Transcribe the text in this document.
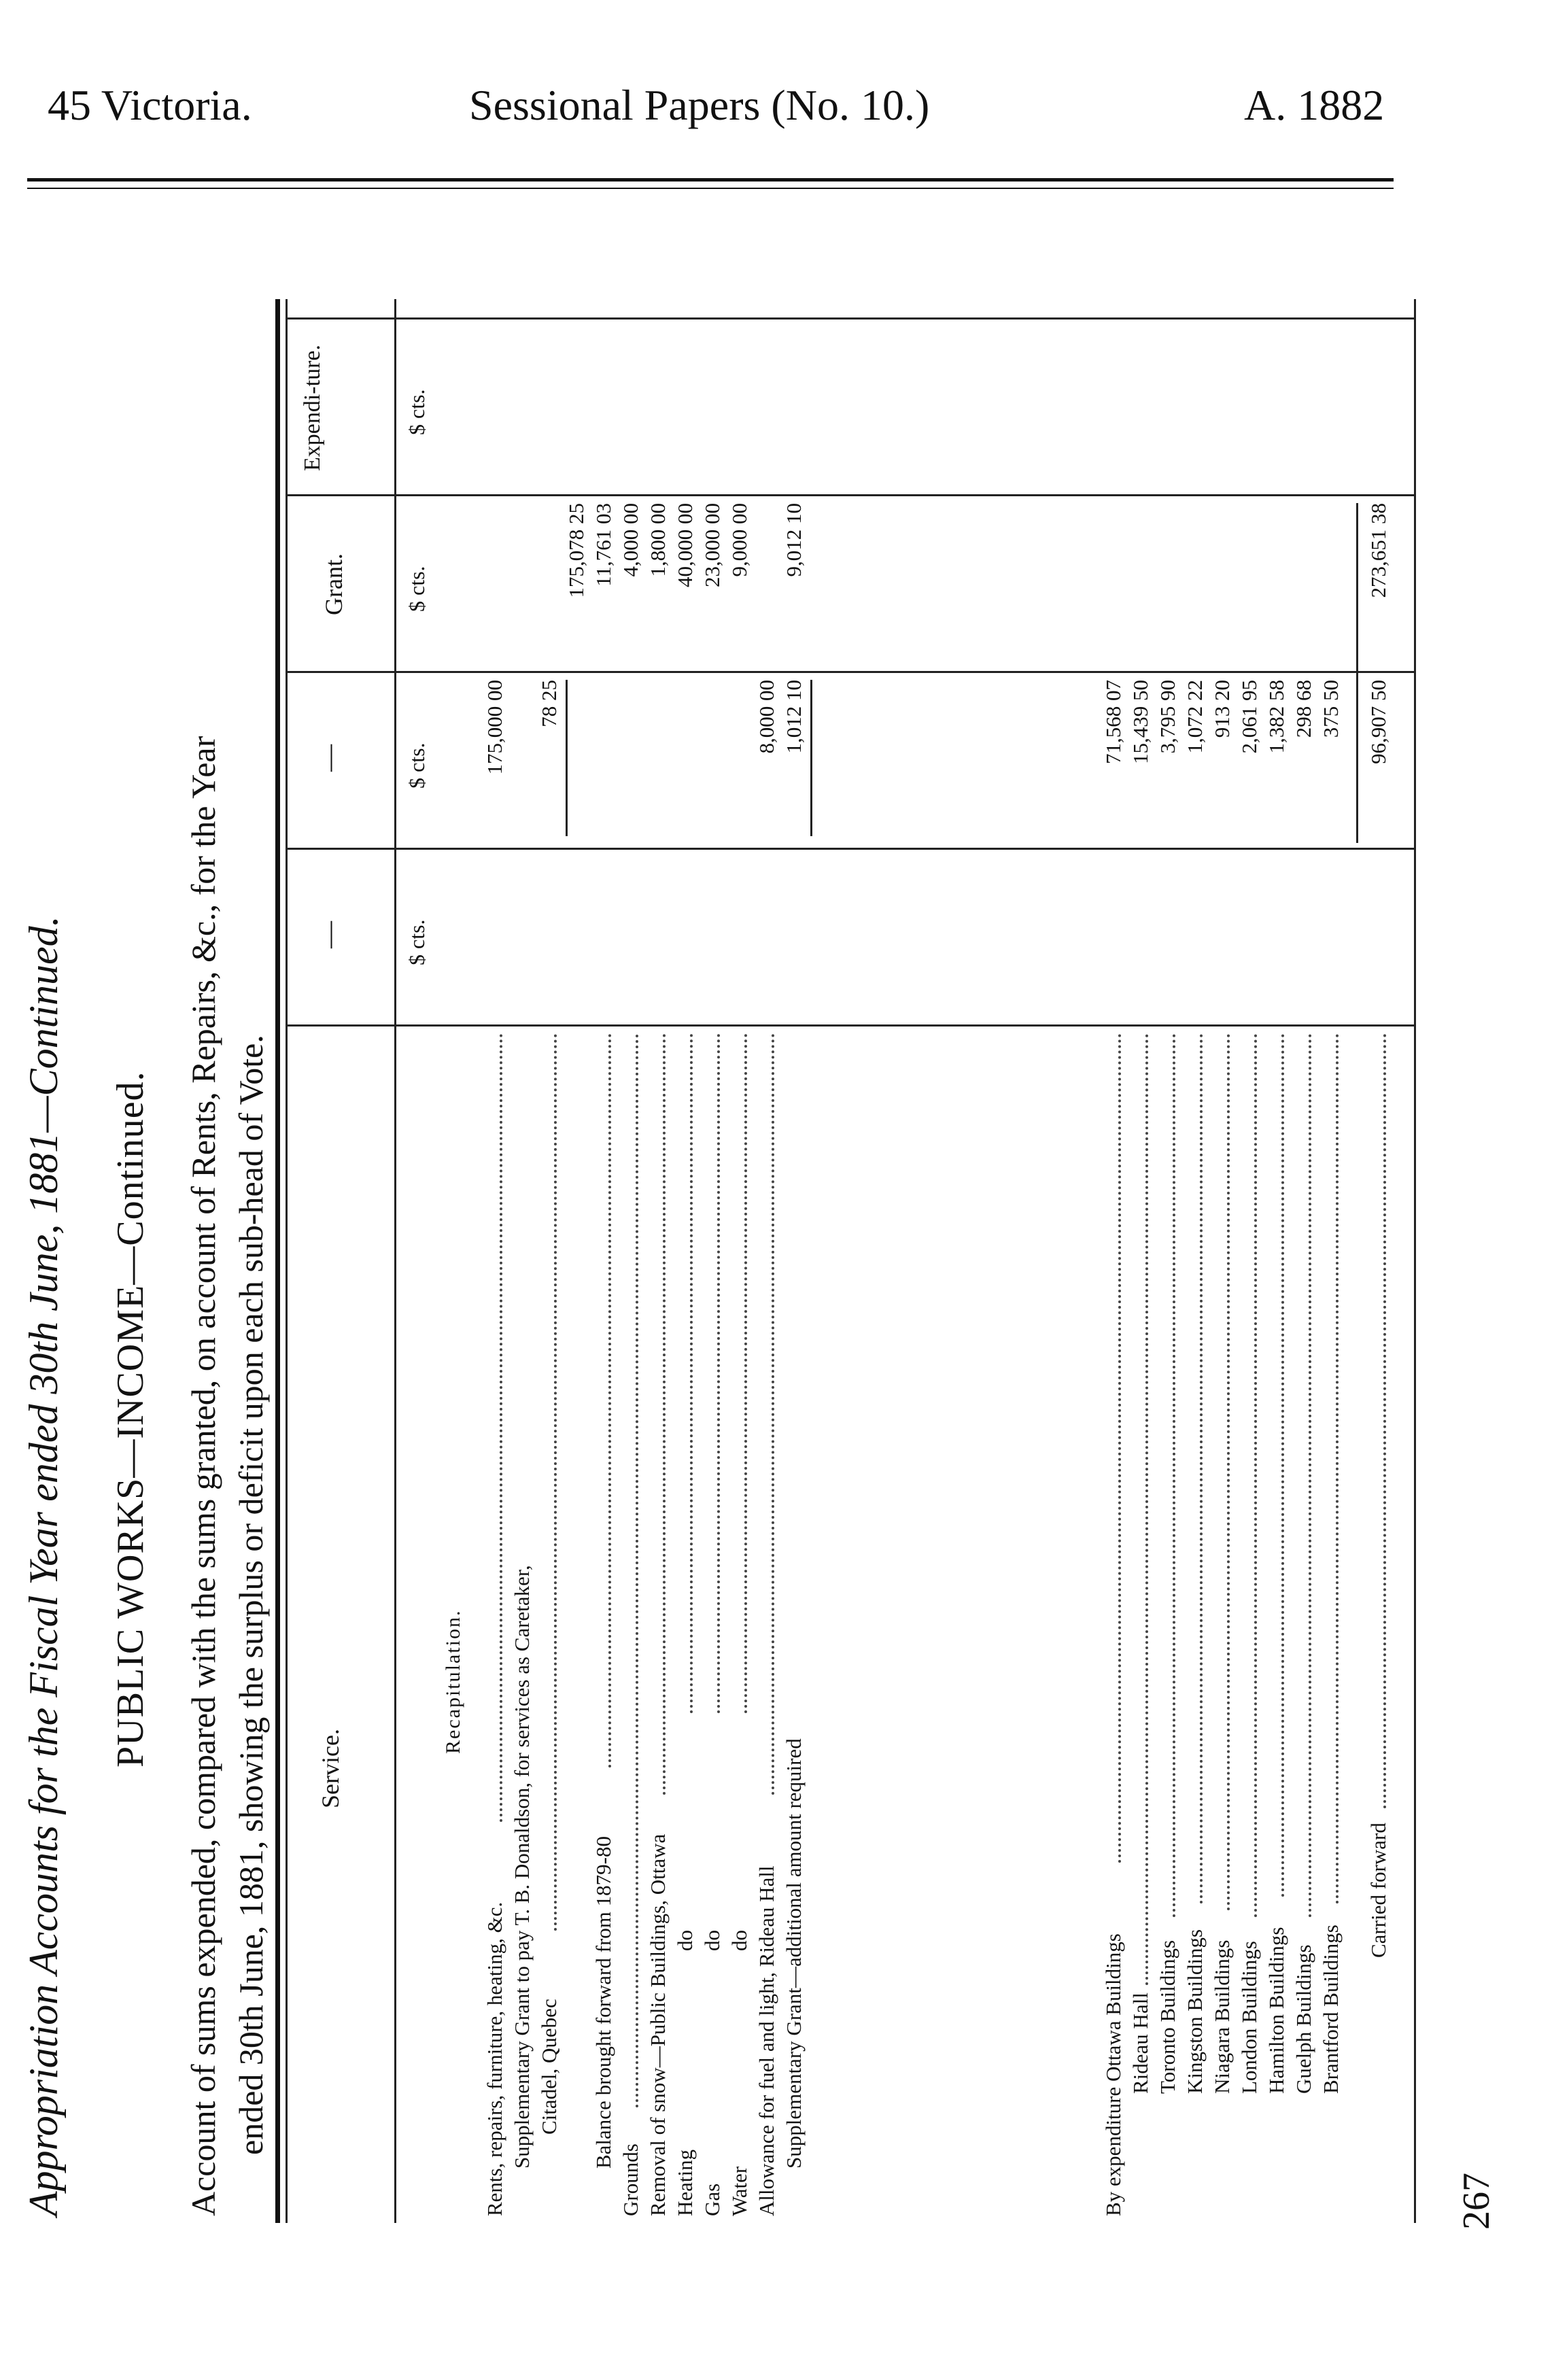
45 Victoria.	Sessional Papers (No. 10.)	A. 1882
Appropriation Accounts for the Fiscal Year ended 30th June, 1881—Continued. PUBLIC WORKS—INCOME—Continued. Account of sums expended, compared with the sums granted, on account of Rents, Repairs, &c., for the Year ended 30th June, 1881, showing the surplus or deficit upon each sub-head of Vote. Service.
—
—
Grant.
Expendi-ture.
$ cts.
$ cts.
$ cts.
$ cts.
Recapitulation.
Rents, repairs, furniture, heating, &c.
175,000 00
Supplementary Grant to pay T. B. Donaldson, for services as Caretaker, Citadel, Quebec
78 25
175,078 25
Balance brought forward from 1879-80
11,761 03
Grounds
4,000 00
Removal of snow—Public Buildings, Ottawa
1,800 00
Heating
do
40,000 00
Gas
do
23,000 00
Water
do
9,000 00
Allowance for fuel and light, Rideau Hall
8,000 00
Supplementary Grant—additional amount required
1,012 10
9,012 10
By expenditure Ottawa Buildings
71,568 07
Rideau Hall
15,439 50
Toronto Buildings
3,795 90
Kingston Buildings
1,072 22
Niagara Buildings
913 20
London Buildings
2,061 95
Hamilton Buildings
1,382 58
Guelph Buildings
298 68
Brantford Buildings
375 50
Carried forward
96,907 50
273,651 38
267
